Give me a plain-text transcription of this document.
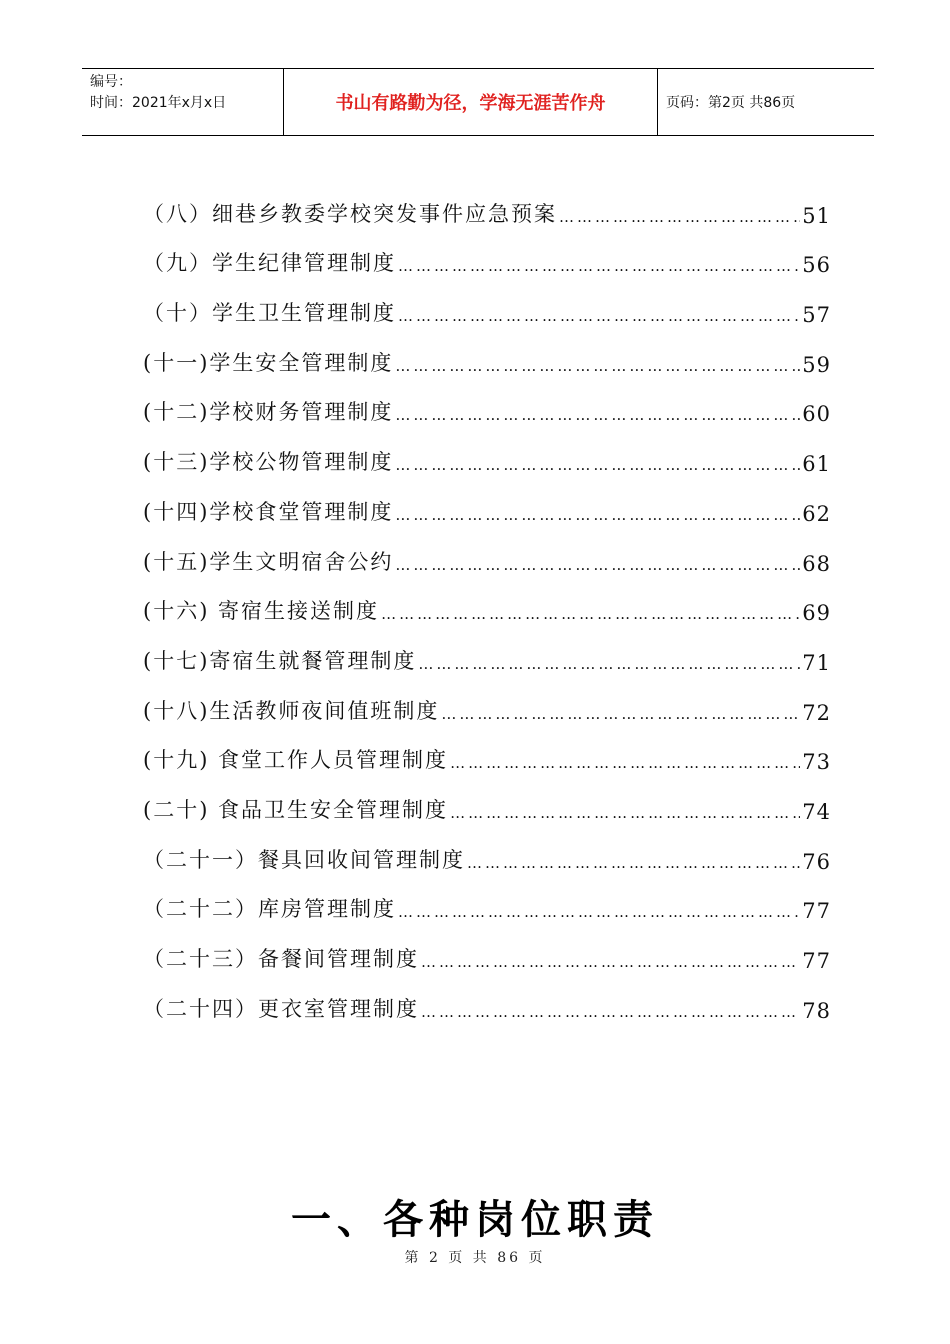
编号：
时间：2021年x月x日	书山有路勤为径，学海无涯苦作舟	页码：第2页 共86页
（八）细巷乡教委学校突发事件应急预案 ……………………………………………………………………………………………………………………………………	51
（九）学生纪律管理制度 ……………………………………………………………………………………………………………………………………	56
（十）学生卫生管理制度 ……………………………………………………………………………………………………………………………………	57
(十一)学生安全管理制度 ……………………………………………………………………………………………………………………………………	59
(十二)学校财务管理制度 ……………………………………………………………………………………………………………………………………	60
(十三)学校公物管理制度 ……………………………………………………………………………………………………………………………………	61
(十四)学校食堂管理制度 ……………………………………………………………………………………………………………………………………	62
(十五)学生文明宿舍公约 ……………………………………………………………………………………………………………………………………	68
(十六) 寄宿生接送制度 ……………………………………………………………………………………………………………………………………	69
(十七)寄宿生就餐管理制度 ……………………………………………………………………………………………………………………………………	71
(十八)生活教师夜间值班制度 ……………………………………………………………………………………………………………………………………	72
(十九) 食堂工作人员管理制度 ……………………………………………………………………………………………………………………………………	73
(二十) 食品卫生安全管理制度 ……………………………………………………………………………………………………………………………………	74
（二十一）餐具回收间管理制度 ……………………………………………………………………………………………………………………………………	76
（二十二）库房管理制度 ……………………………………………………………………………………………………………………………………	77
（二十三）备餐间管理制度 ……………………………………………………………………………………………………………………………………	77
（二十四）更衣室管理制度 ……………………………………………………………………………………………………………………………………	78
一、各种岗位职责
第 2 页 共 86 页
